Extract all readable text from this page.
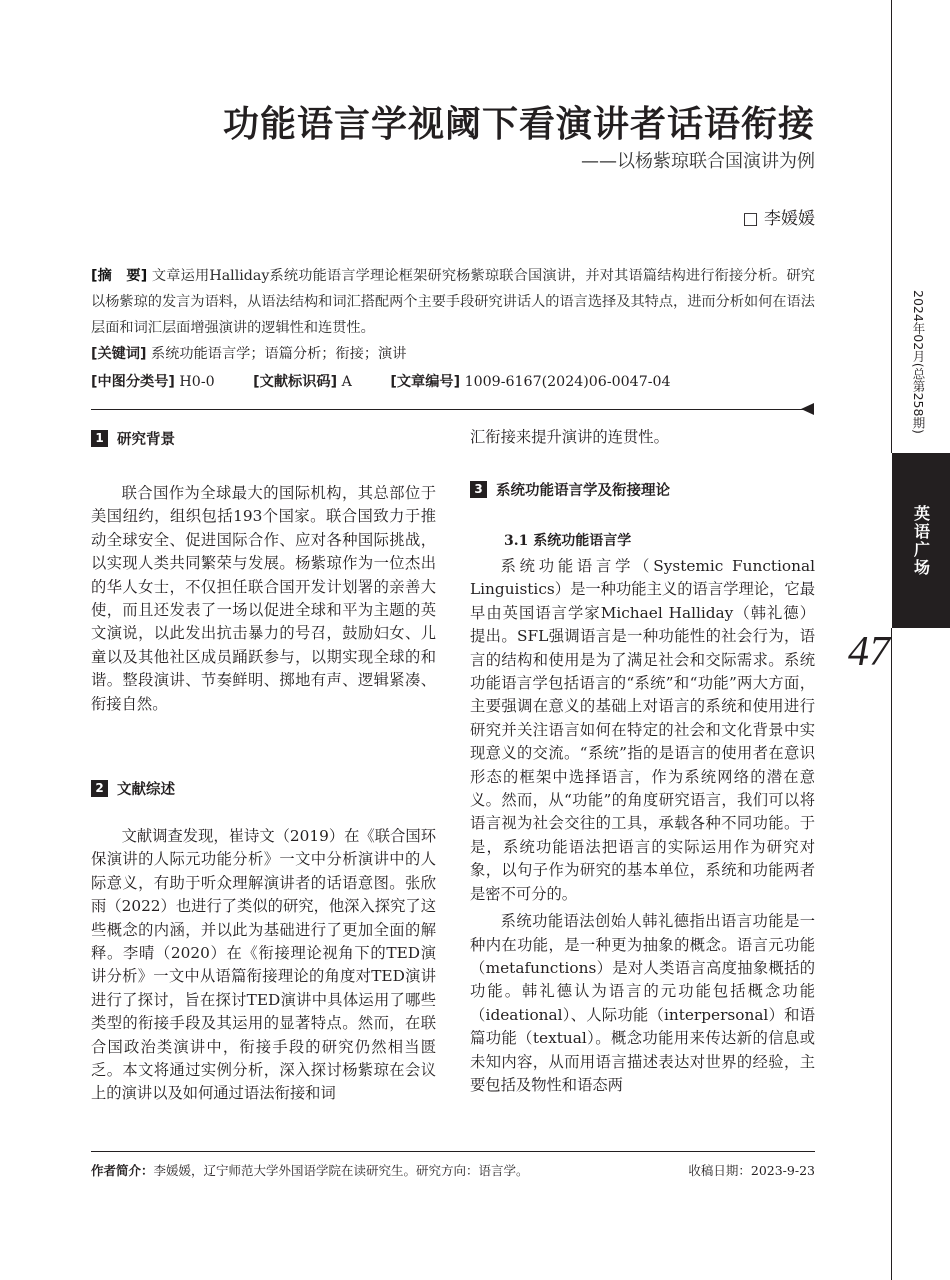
功能语言学视阈下看演讲者话语衔接
——以杨紫琼联合国演讲为例
□ 李媛媛
[摘　要] 文章运用Halliday系统功能语言学理论框架研究杨紫琼联合国演讲，并对其语篇结构进行衔接分析。研究以杨紫琼的发言为语料，从语法结构和词汇搭配两个主要手段研究讲话人的语言选择及其特点，进而分析如何在语法层面和词汇层面增强演讲的逻辑性和连贯性。
[关键词] 系统功能语言学；语篇分析；衔接；演讲
[中图分类号] H0-0	[文献标识码] A	[文章编号] 1009-6167(2024)06-0047-04
1 研究背景

联合国作为全球最大的国际机构，其总部位于美国纽约，组织包括193个国家。联合国致力于推动全球安全、促进国际合作、应对各种国际挑战，以实现人类共同繁荣与发展。杨紫琼作为一位杰出的华人女士，不仅担任联合国开发计划署的亲善大使，而且还发表了一场以促进全球和平为主题的英文演说，以此发出抗击暴力的号召，鼓励妇女、儿童以及其他社区成员踊跃参与，以期实现全球的和谐。整段演讲、节奏鲜明、掷地有声、逻辑紧凑、衔接自然。

2 文献综述

文献调查发现，崔诗文（2019）在《联合国环保演讲的人际元功能分析》一文中分析演讲中的人际意义，有助于听众理解演讲者的话语意图。张欣雨（2022）也进行了类似的研究，他深入探究了这些概念的内涵，并以此为基础进行了更加全面的解释。李晴（2020）在《衔接理论视角下的TED演讲分析》一文中从语篇衔接理论的角度对TED演讲进行了探讨，旨在探讨TED演讲中具体运用了哪些类型的衔接手段及其运用的显著特点。然而，在联合国政治类演讲中，衔接手段的研究仍然相当匮乏。本文将通过实例分析，深入探讨杨紫琼在会议上的演讲以及如何通过语法衔接和词

汇衔接来提升演讲的连贯性。

3 系统功能语言学及衔接理论
3.1 系统功能语言学

系统功能语言学（Systemic Functional Linguistics）是一种功能主义的语言学理论，它最早由英国语言学家Michael Halliday（韩礼德）提出。SFL强调语言是一种功能性的社会行为，语言的结构和使用是为了满足社会和交际需求。系统功能语言学包括语言的“系统”和“功能”两大方面，主要强调在意义的基础上对语言的系统和使用进行研究并关注语言如何在特定的社会和文化背景中实现意义的交流。“系统”指的是语言的使用者在意识形态的框架中选择语言，作为系统网络的潜在意义。然而，从“功能”的角度研究语言，我们可以将语言视为社会交往的工具，承载各种不同功能。于是，系统功能语法把语言的实际运用作为研究对象，以句子作为研究的基本单位，系统和功能两者是密不可分的。

系统功能语法创始人韩礼德指出语言功能是一种内在功能，是一种更为抽象的概念。语言元功能（metafunctions）是对人类语言高度抽象概括的功能。韩礼德认为语言的元功能包括概念功能（ideational）、人际功能（interpersonal）和语篇功能（textual）。概念功能用来传达新的信息或未知内容，从而用语言描述表达对世界的经验，主要包括及物性和语态两

作者简介：李媛媛，辽宁师范大学外国语学院在读研究生。研究方向：语言学。	收稿日期：2023-9-23
2024年02月(总第258期)
英语广场
47
